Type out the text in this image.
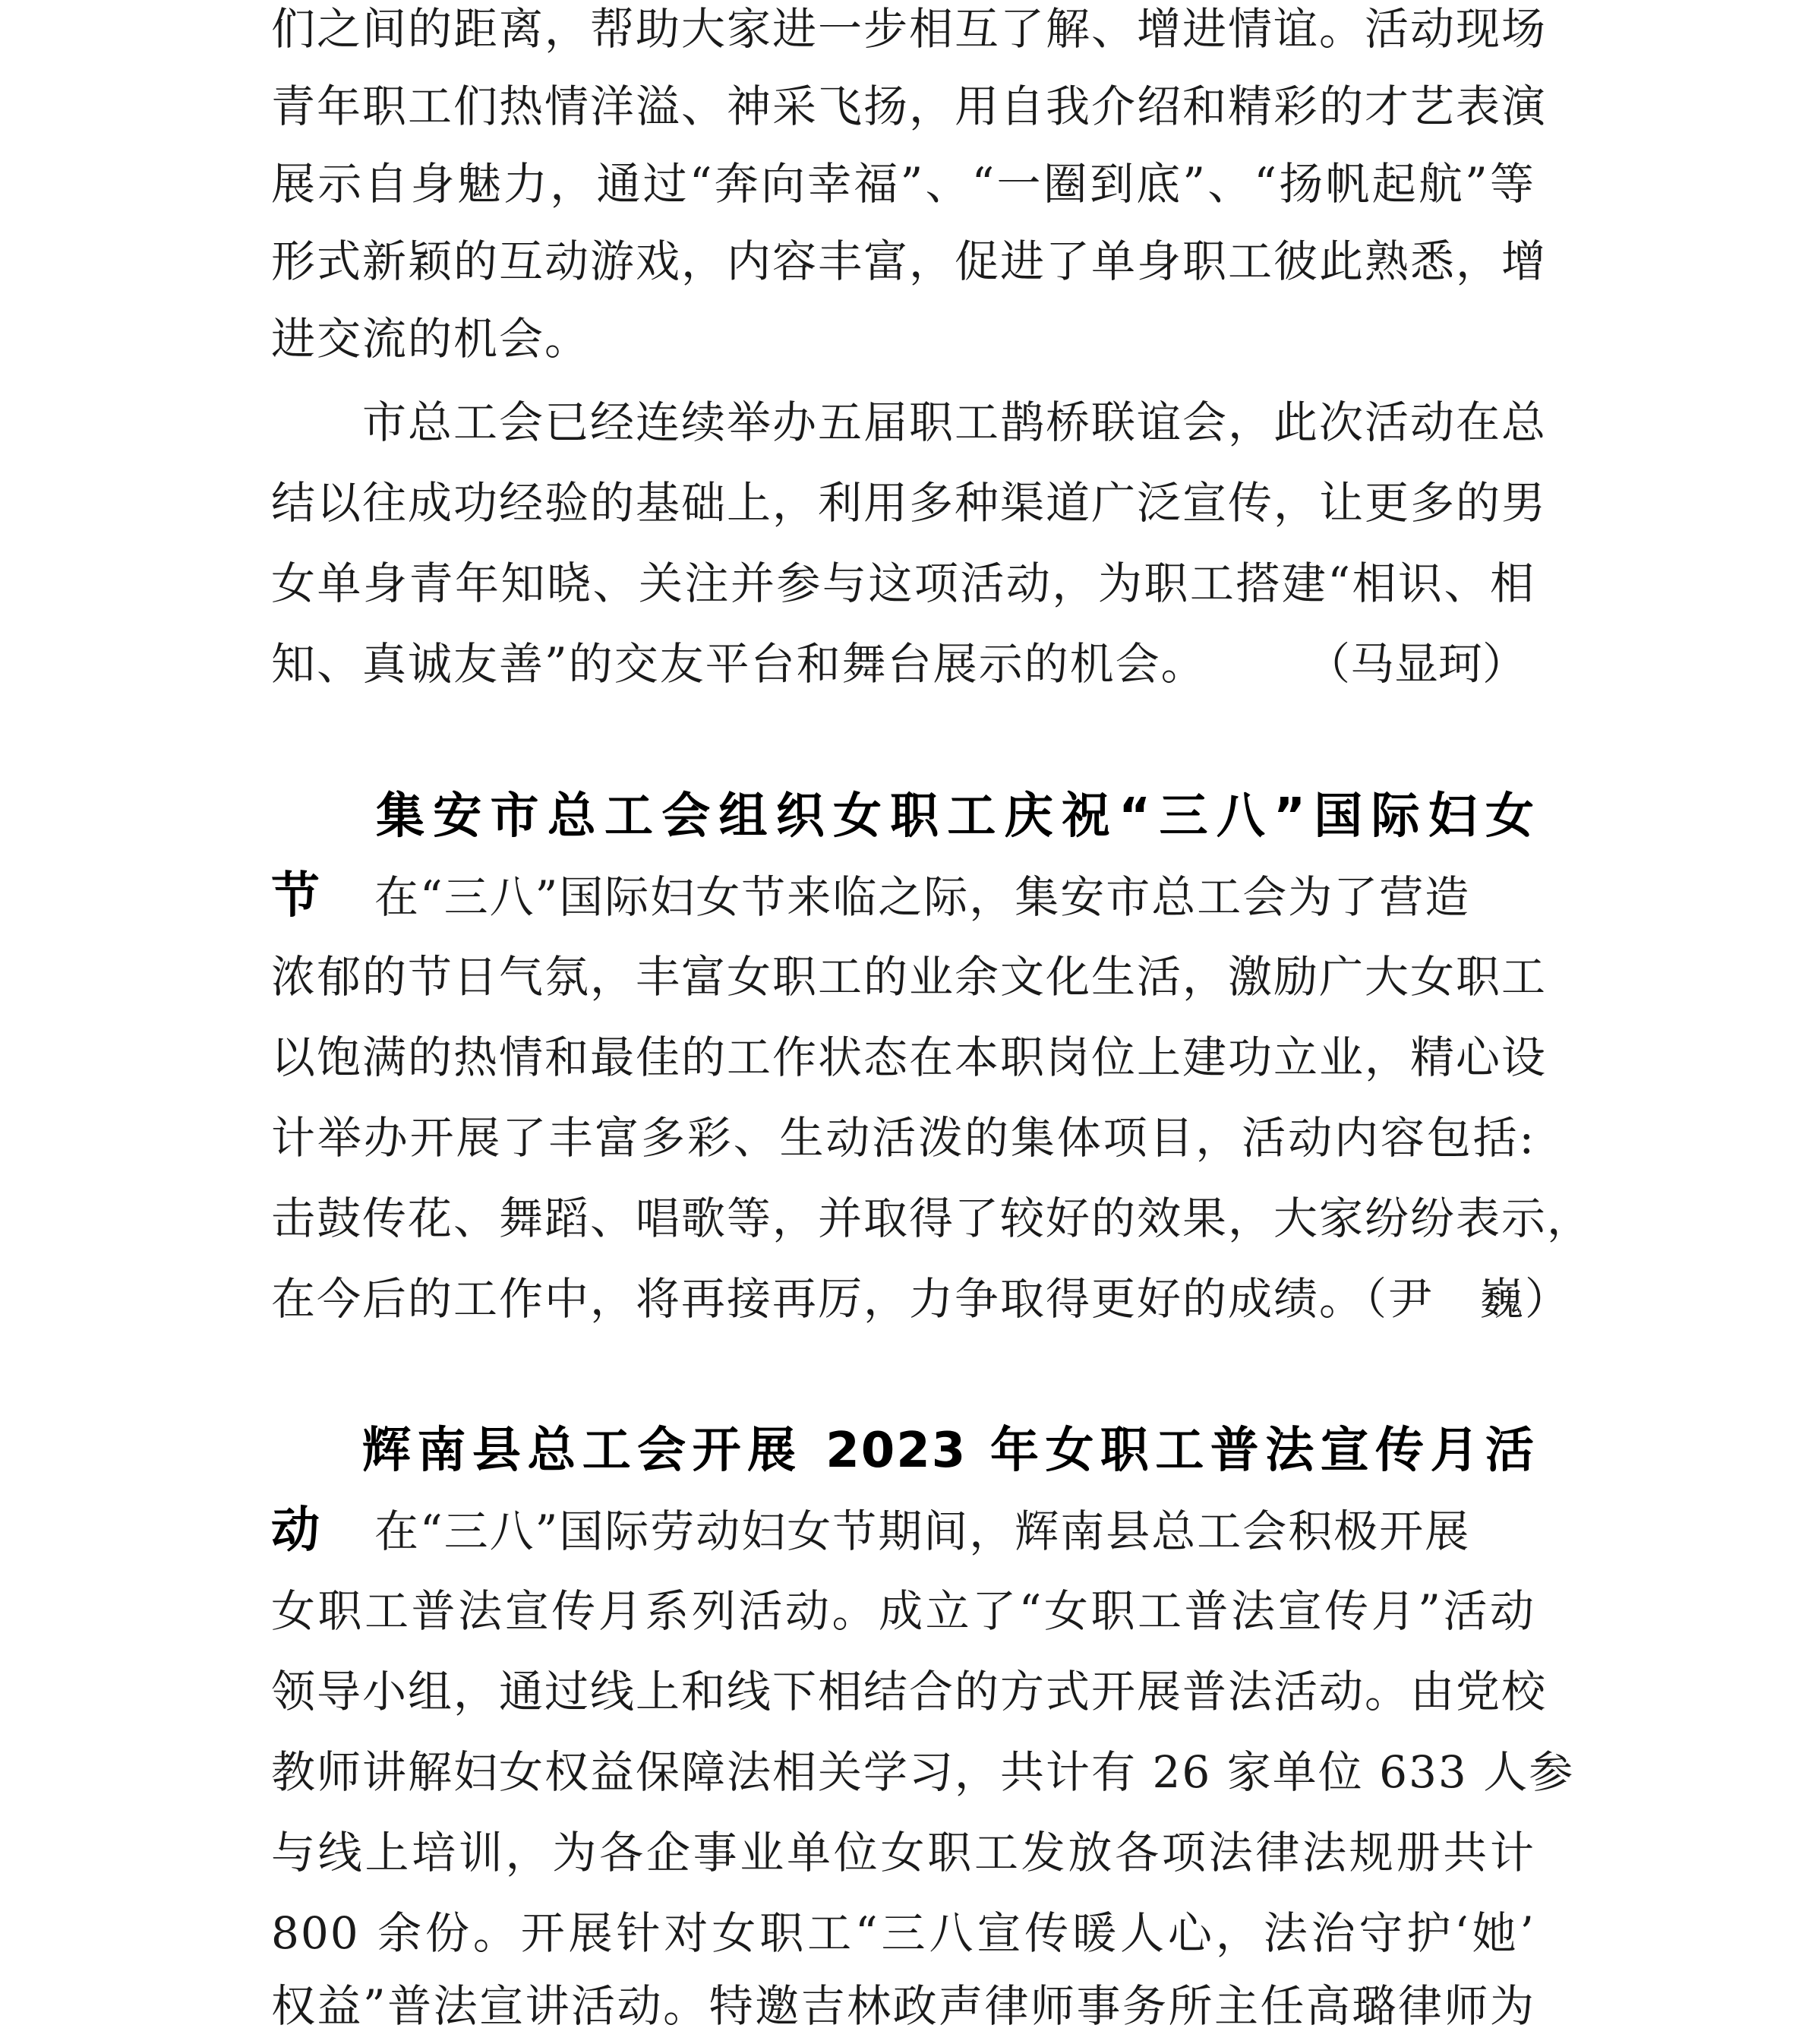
们之间的距离，帮助大家进一步相互了解、增进情谊。活动现场
青年职工们热情洋溢、神采飞扬，用自我介绍和精彩的才艺表演
展示自身魅力，通过“奔向幸福”、“一圈到底”、“扬帆起航”等
形式新颖的互动游戏，内容丰富，促进了单身职工彼此熟悉，增
进交流的机会。
市总工会已经连续举办五届职工鹊桥联谊会，此次活动在总
结以往成功经验的基础上，利用多种渠道广泛宣传，让更多的男
女单身青年知晓、关注并参与这项活动，为职工搭建“相识、相
知、真诚友善”的交友平台和舞台展示的机会。	（马显珂）
集安市总工会组织女职工庆祝“三八”国际妇女
节 在“三八”国际妇女节来临之际，集安市总工会为了营造
浓郁的节日气氛，丰富女职工的业余文化生活，激励广大女职工
以饱满的热情和最佳的工作状态在本职岗位上建功立业，精心设
计举办开展了丰富多彩、生动活泼的集体项目，活动内容包括:
击鼓传花、舞蹈、唱歌等，并取得了较好的效果，大家纷纷表示，
在今后的工作中，将再接再厉，力争取得更好的成绩。（尹　巍）
辉南县总工会开展 2023 年女职工普法宣传月活
动 在“三八”国际劳动妇女节期间，辉南县总工会积极开展
女职工普法宣传月系列活动。成立了“女职工普法宣传月”活动
领导小组，通过线上和线下相结合的方式开展普法活动。由党校
教师讲解妇女权益保障法相关学习，共计有 26 家单位 633 人参
与线上培训，为各企事业单位女职工发放各项法律法规册共计
800 余份。开展针对女职工“三八宣传暖人心，法治守护‘她’
权益”普法宣讲活动。特邀吉林政声律师事务所主任高璐律师为
